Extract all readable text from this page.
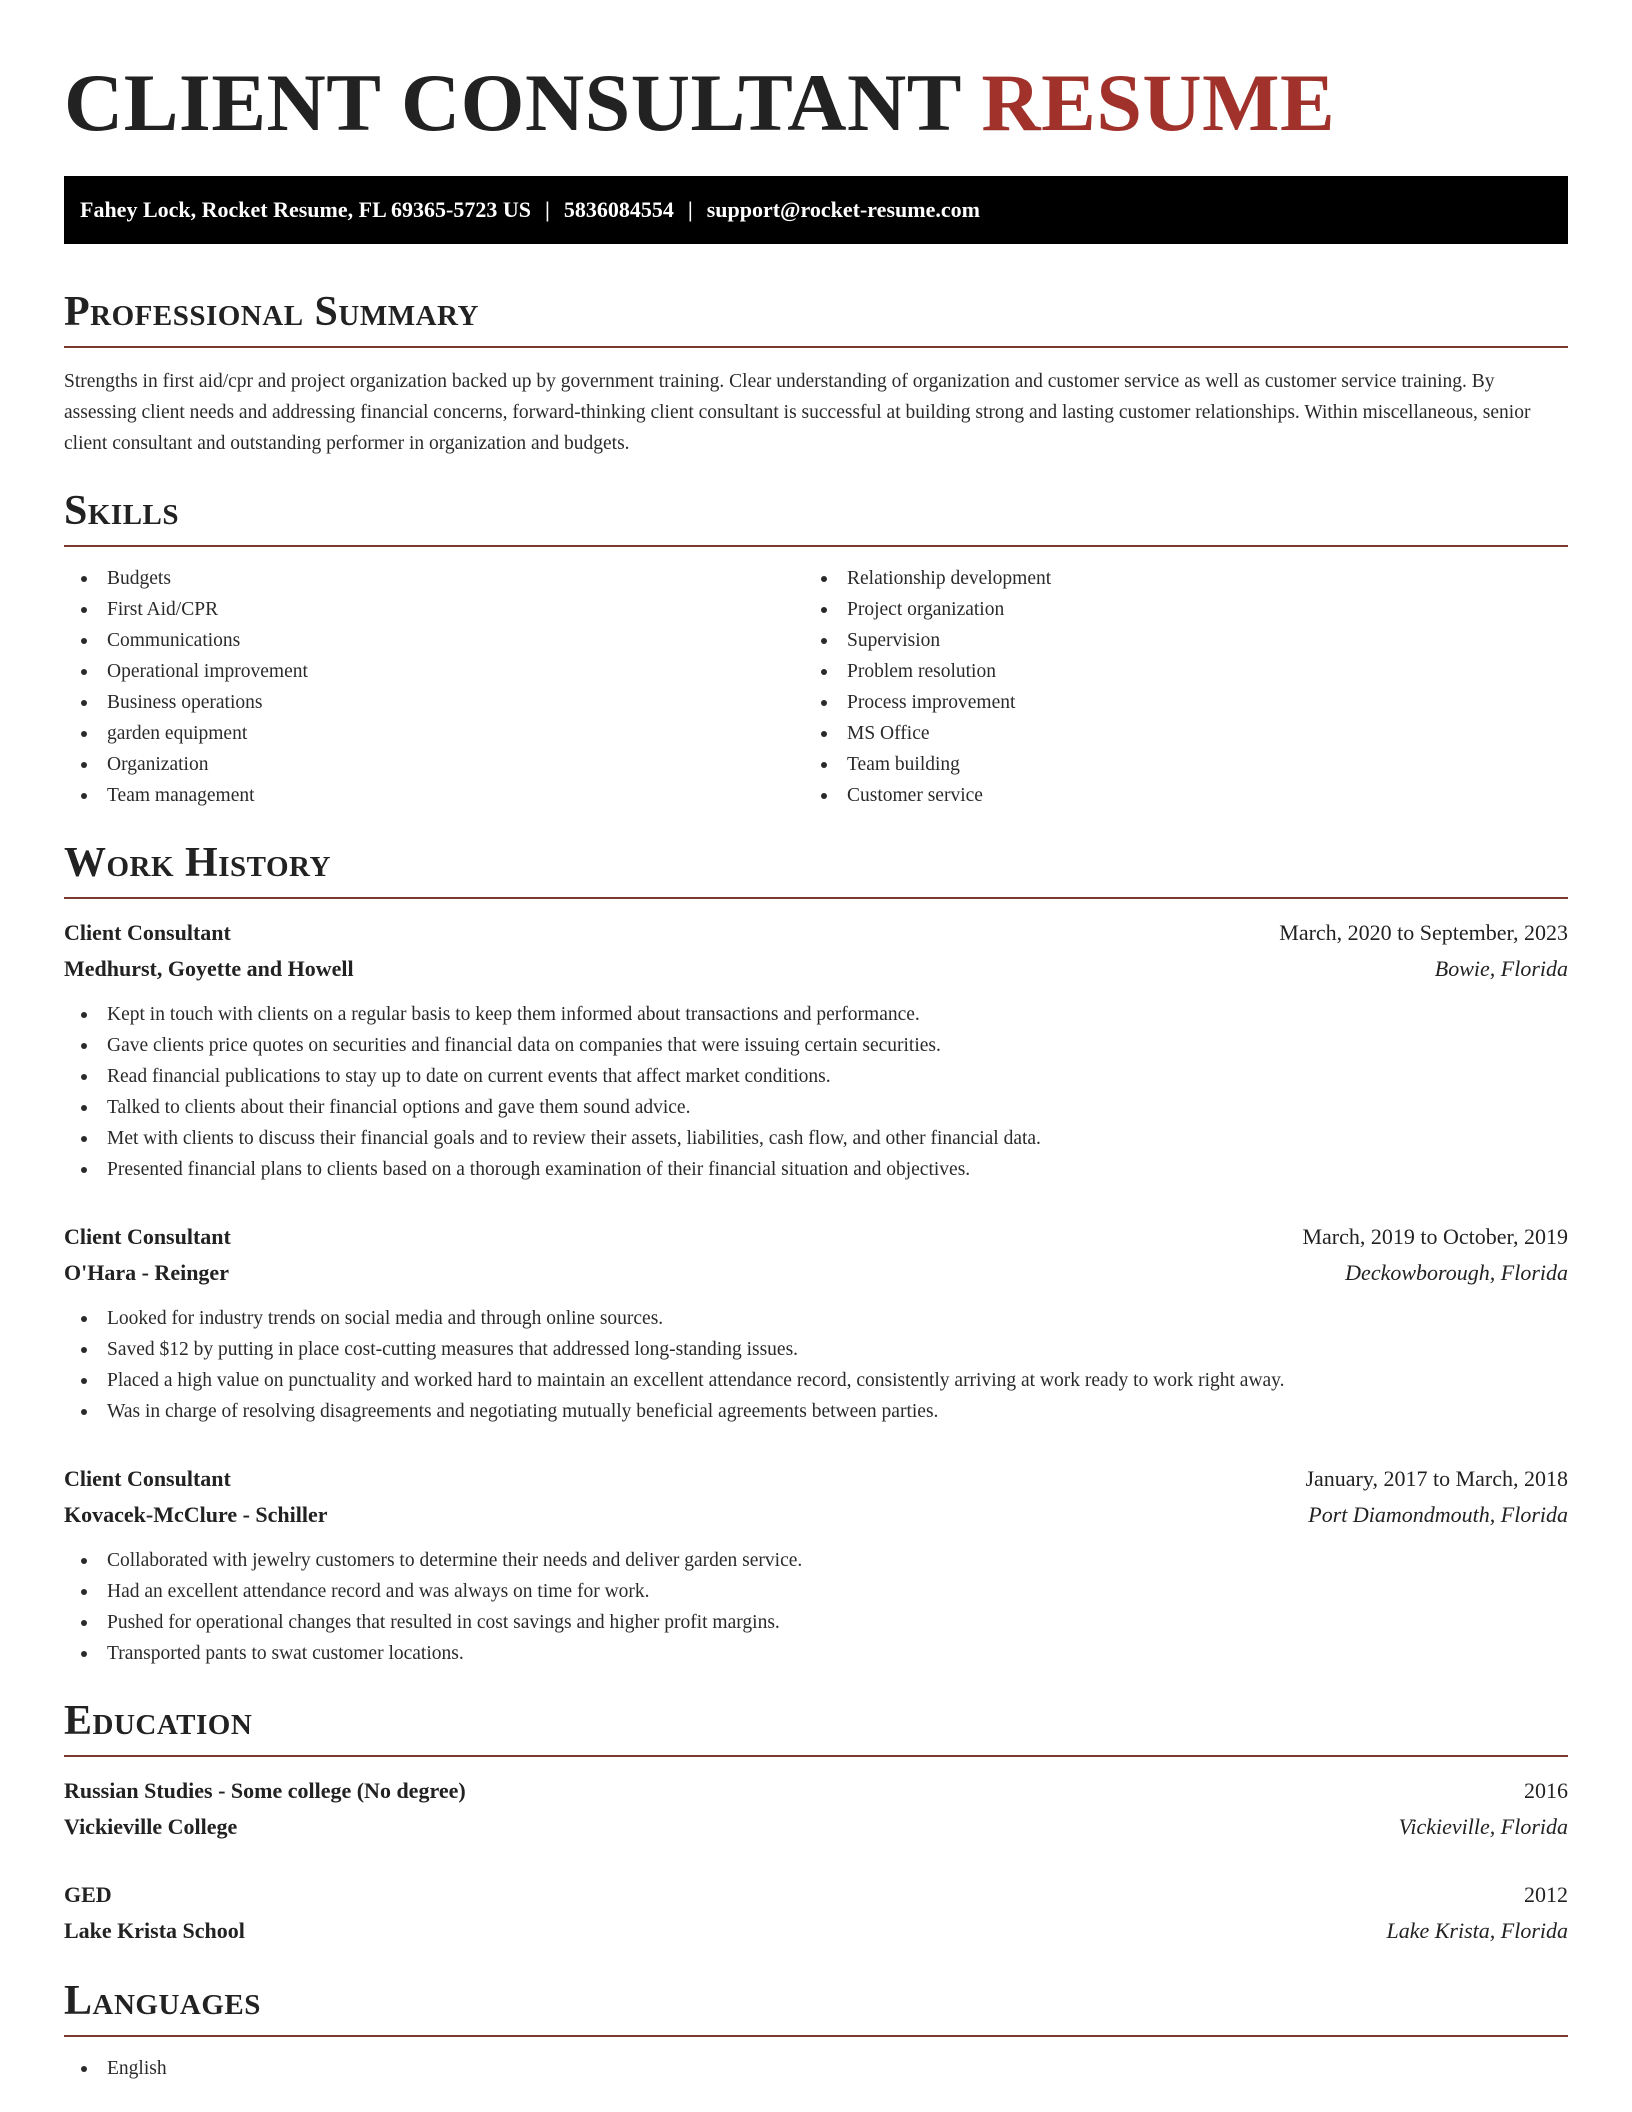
CLIENT CONSULTANT RESUME
Fahey Lock, Rocket Resume, FL 69365-5723 US | 5836084554 | support@rocket-resume.com
Professional Summary

Strengths in first aid/cpr and project organization backed up by government training. Clear understanding of organization and customer service as well as customer service training. By assessing client needs and addressing financial concerns, forward-thinking client consultant is successful at building strong and lasting customer relationships. Within miscellaneous, senior client consultant and outstanding performer in organization and budgets.

Skills
Budgets
First Aid/CPR
Communications
Operational improvement
Business operations
garden equipment
Organization
Team management
Relationship development
Project organization
Supervision
Problem resolution
Process improvement
MS Office
Team building
Customer service
Work History
Client Consultant	March, 2020 to September, 2023
Medhurst, Goyette and Howell	Bowie, Florida
Kept in touch with clients on a regular basis to keep them informed about transactions and performance.
Gave clients price quotes on securities and financial data on companies that were issuing certain securities.
Read financial publications to stay up to date on current events that affect market conditions.
Talked to clients about their financial options and gave them sound advice.
Met with clients to discuss their financial goals and to review their assets, liabilities, cash flow, and other financial data.
Presented financial plans to clients based on a thorough examination of their financial situation and objectives.
Client Consultant	March, 2019 to October, 2019
O'Hara - Reinger	Deckowborough, Florida
Looked for industry trends on social media and through online sources.
Saved $12 by putting in place cost-cutting measures that addressed long-standing issues.
Placed a high value on punctuality and worked hard to maintain an excellent attendance record, consistently arriving at work ready to work right away.
Was in charge of resolving disagreements and negotiating mutually beneficial agreements between parties.
Client Consultant	January, 2017 to March, 2018
Kovacek-McClure - Schiller	Port Diamondmouth, Florida
Collaborated with jewelry customers to determine their needs and deliver garden service.
Had an excellent attendance record and was always on time for work.
Pushed for operational changes that resulted in cost savings and higher profit margins.
Transported pants to swat customer locations.
Education
Russian Studies - Some college (No degree)	2016
Vickieville College	Vickieville, Florida
GED	2012
Lake Krista School	Lake Krista, Florida
Languages
English
